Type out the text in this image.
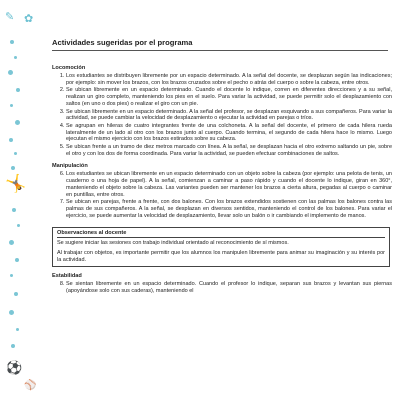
✎ ✿
🤸
⚽
⚾
Actividades sugeridas por el programa
Locomoción
1. Los estudiantes se distribuyen libremente por un espacio determinado. A la señal del docente, se desplazan según las indicaciones; por ejemplo: sin mover los brazos, con los brazos cruzados sobre el pecho o atrás del cuerpo o sobre la cabeza, entre otros.
2. Se ubican libremente en un espacio determinado. Cuando el docente lo indique, corren en diferentes direcciones y a su señal, realizan un giro completo, manteniendo los pies en el suelo. Para variar la actividad, se puede permitir solo el desplazamiento con saltos (en uno o dos pies) o realizar el giro con un pie.
3. Se ubican libremente en un espacio determinado. A la señal del profesor, se desplazan esquivando a sus compañeros. Para variar la actividad, se puede cambiar la velocidad de desplazamiento o ejecutar la actividad en parejas o tríos.
4. Se agrupan en hileras de cuatro integrantes frente de una colchoneta. A la señal del docente, el primero de cada hilera rueda lateralmente de un lado al otro con los brazos junto al cuerpo. Cuando termina, el segundo de cada hilera hace lo mismo. Luego ejecutan el mismo ejercicio con los brazos estirados sobre su cabeza.
5. Se ubican frente a un tramo de diez metros marcado con línea. A la señal, se desplazan hacia el otro extremo saltando un pie, sobre el otro y con los dos de forma coordinada. Para variar la actividad, se pueden efectuar combinaciones de saltos.
Manipulación
6. Los estudiantes se ubican libremente en un espacio determinado con un objeto sobre la cabeza (por ejemplo: una pelota de tenis, un cuaderno o una hoja de papel). A la señal, comienzan a caminar a paso rápido y cuando el docente lo indique, giran en 360°, manteniendo el objeto sobre la cabeza. Las variantes pueden ser mantener los brazos a cierta altura, pegadas al cuerpo o caminar en puntillas, entre otros.
7. Se ubican en parejas, frente a frente, con dos balones. Con los brazos extendidos sostienen con las palmas los balones contra las palmas de sus compañeros. A la señal, se desplazan en diversos sentidos, manteniendo el control de los balones. Para variar el ejercicio, se puede aumentar la velocidad de desplazamiento, llevar solo un balón o ir cambiando el implemento de manos.
Observaciones al docente

Se sugiere iniciar las sesiones con trabajo individual orientado al reconocimiento de sí mismos.

Al trabajar con objetos, es importante permitir que los alumnos los manipulen libremente para animar su imaginación y su interés por la actividad.

Estabilidad
8. Se sientan libremente en un espacio determinado. Cuando el profesor lo indique, separan sus brazos y levantan sus piernas (apoyándose solo con sus caderas), manteniendo el
